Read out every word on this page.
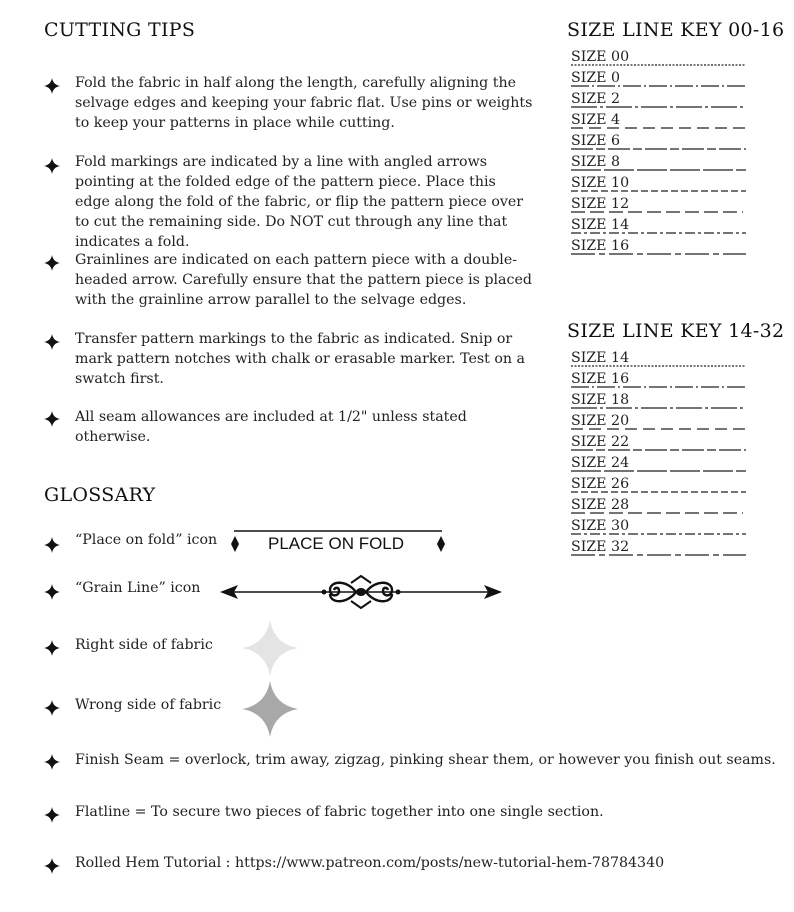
CUTTING TIPS
Fold the fabric in half along the length, carefully aligning the selvage edges and keeping your fabric flat. Use pins or weights to keep your patterns in place while cutting.
Fold markings are indicated by a line with angled arrows pointing at the folded edge of the pattern piece. Place this edge along the fold of the fabric, or flip the pattern piece over to cut the remaining side. Do NOT cut through any line that indicates a fold.
Grainlines are indicated on each pattern piece with a double-headed arrow. Carefully ensure that the pattern piece is placed with the grainline arrow parallel to the selvage edges.
Transfer pattern markings to the fabric as indicated. Snip or mark pattern notches with chalk or erasable marker. Test on a swatch first.
All seam allowances are included at 1/2" unless stated otherwise.
SIZE LINE KEY 00-16
SIZE 00
SIZE 0
SIZE 2
SIZE 4
SIZE 6
SIZE 8
SIZE 10
SIZE 12
SIZE 14
SIZE 16
SIZE LINE KEY 14-32
SIZE 14
SIZE 16
SIZE 18
SIZE 20
SIZE 22
SIZE 24
SIZE 26
SIZE 28
SIZE 30
SIZE 32
GLOSSARY
“Place on fold” icon	PLACE ON FOLD
“Grain Line” icon
Right side of fabric
Wrong side of fabric
Finish Seam = overlock, trim away, zigzag, pinking shear them, or however you finish out seams.
Flatline = To secure two pieces of fabric together into one single section.
Rolled Hem Tutorial : https://www.patreon.com/posts/new-tutorial-hem-78784340
